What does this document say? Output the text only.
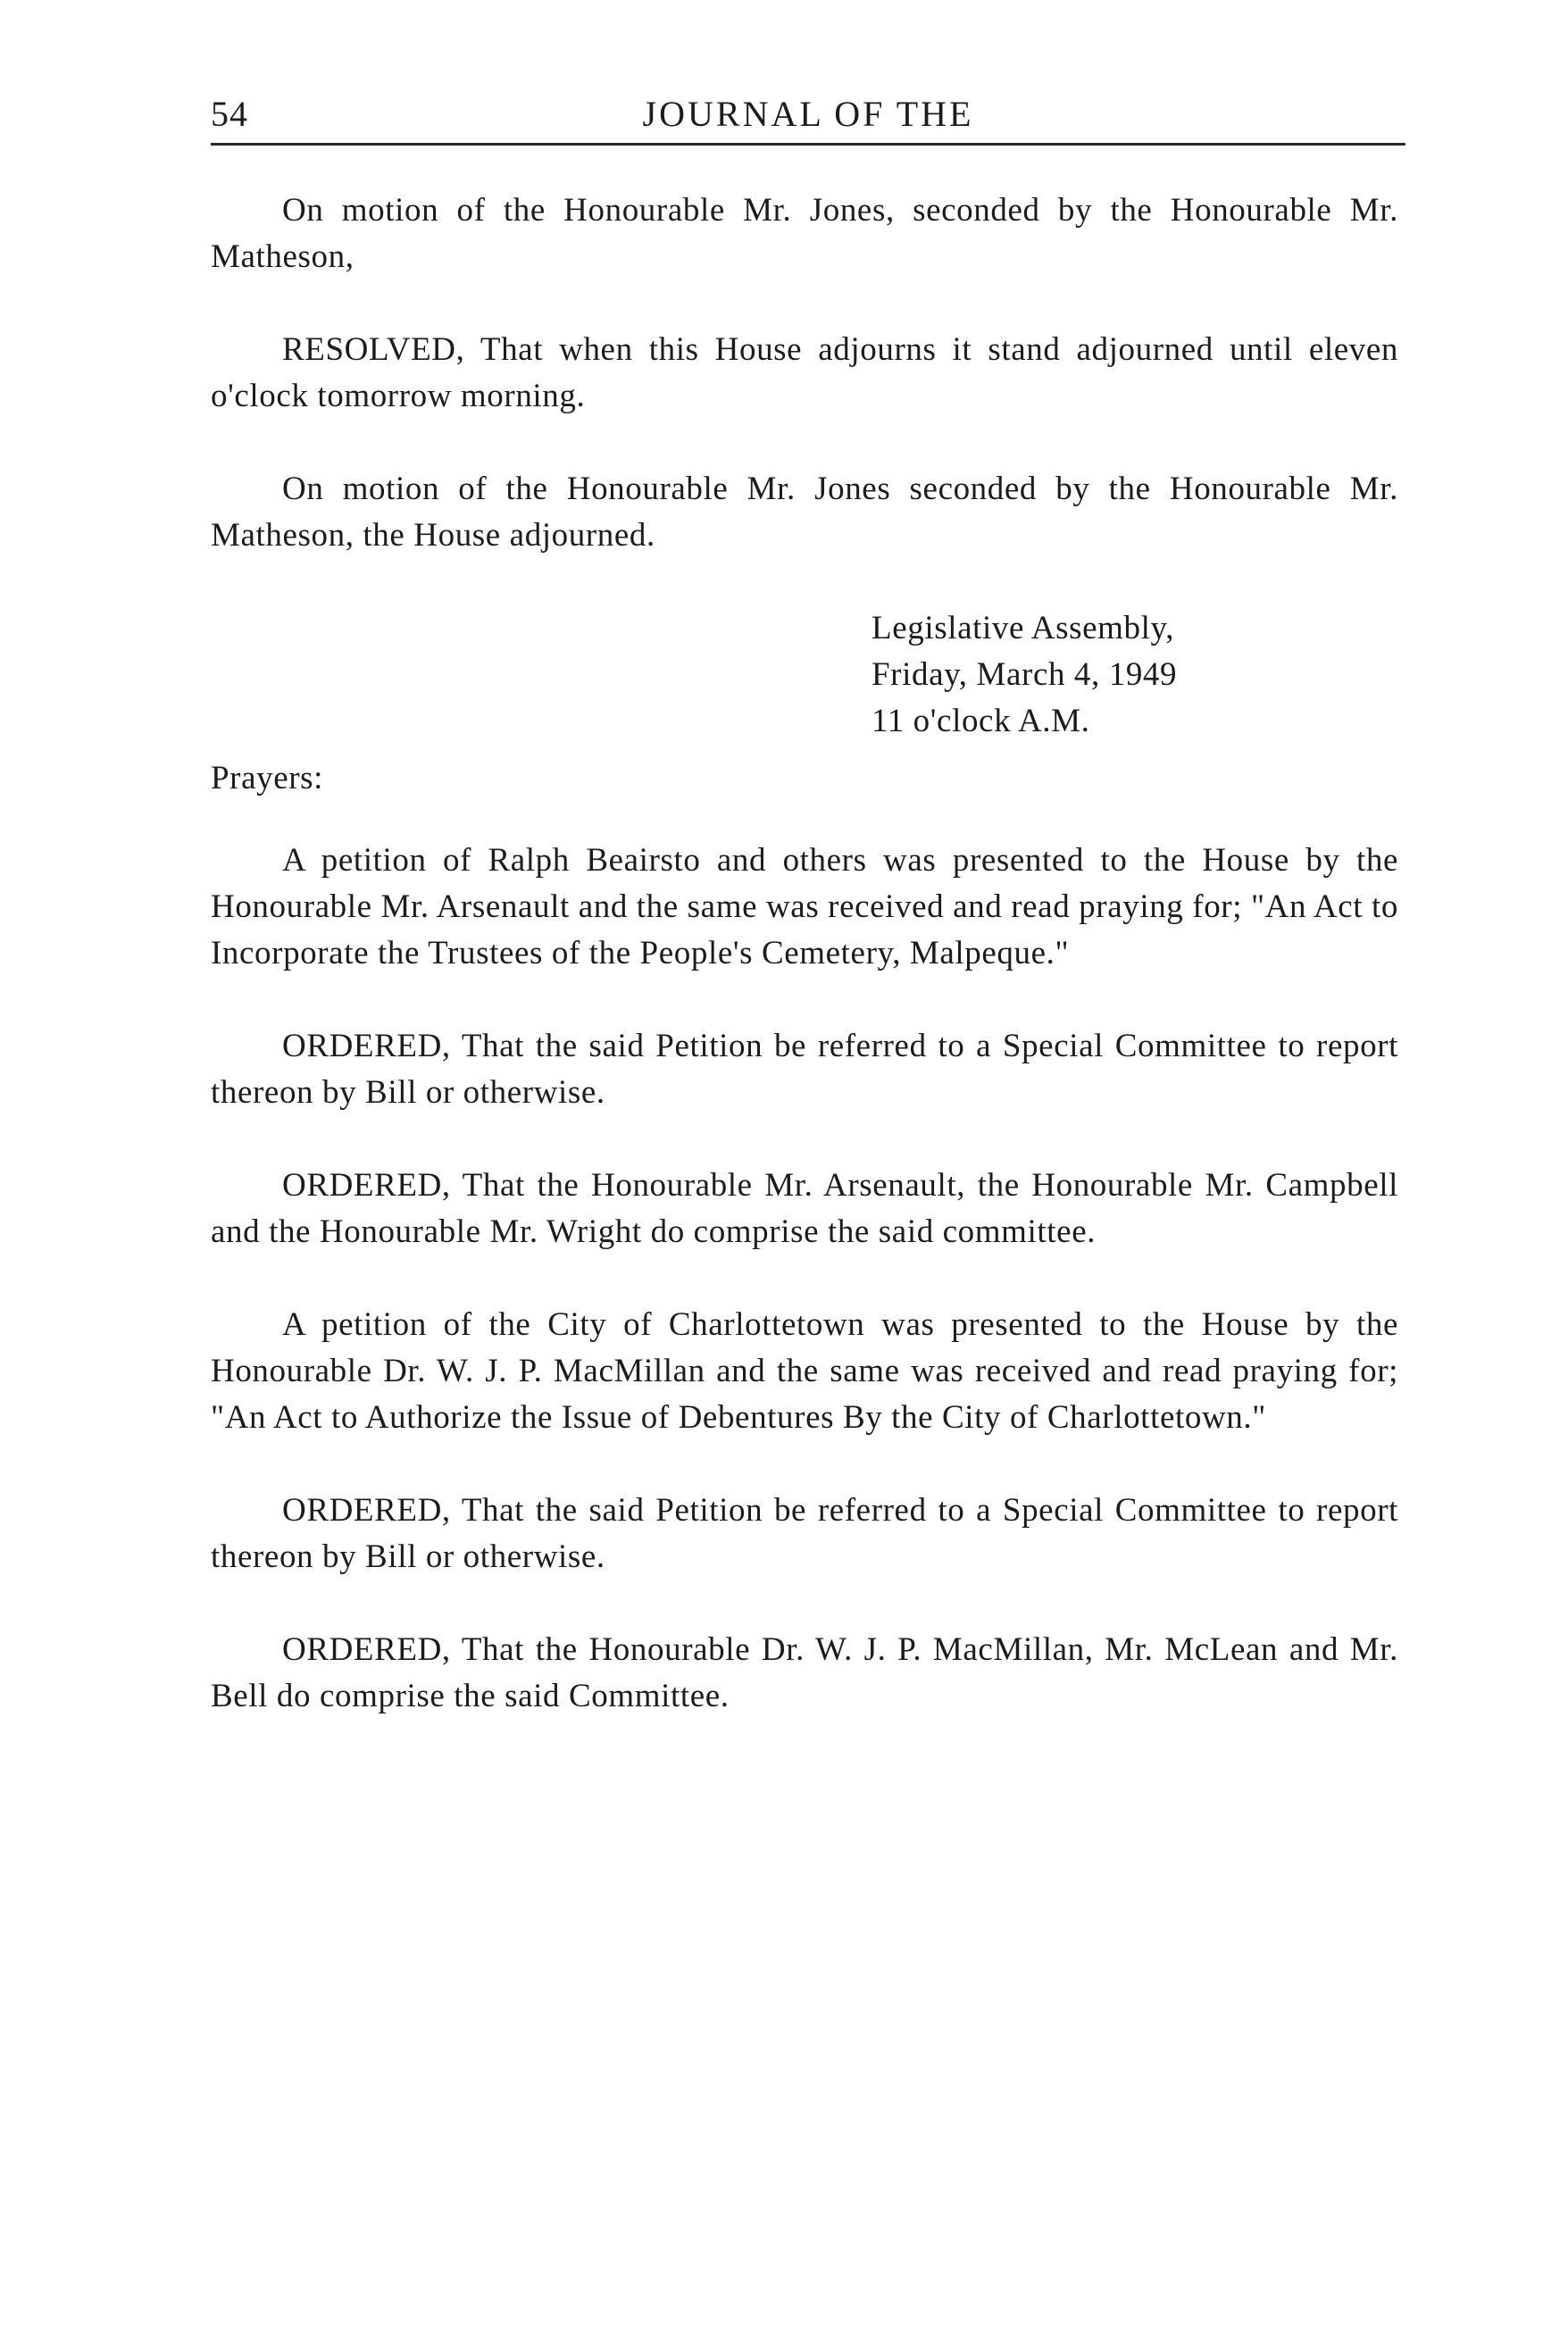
54	JOURNAL OF THE

On motion of the Honourable Mr. Jones, seconded by the Honourable Mr. Matheson,

RESOLVED, That when this House adjourns it stand adjourned until eleven o'clock tomorrow morning.

On motion of the Honourable Mr. Jones seconded by the Honourable Mr. Matheson, the House adjourned.

Legislative Assembly,
Friday, March 4, 1949
11 o'clock A.M.
Prayers:

A petition of Ralph Beairsto and others was presented to the House by the Honourable Mr. Arsenault and the same was received and read praying for; "An Act to Incorporate the Trustees of the People's Cemetery, Malpeque."

ORDERED, That the said Petition be referred to a Special Committee to report thereon by Bill or otherwise.

ORDERED, That the Honourable Mr. Arsenault, the Honourable Mr. Campbell and the Honourable Mr. Wright do comprise the said committee.

A petition of the City of Charlottetown was presented to the House by the Honourable Dr. W. J. P. MacMillan and the same was received and read praying for; "An Act to Authorize the Issue of Debentures By the City of Charlottetown."

ORDERED, That the said Petition be referred to a Special Committee to report thereon by Bill or otherwise.

ORDERED, That the Honourable Dr. W. J. P. MacMillan, Mr. McLean and Mr. Bell do comprise the said Committee.
